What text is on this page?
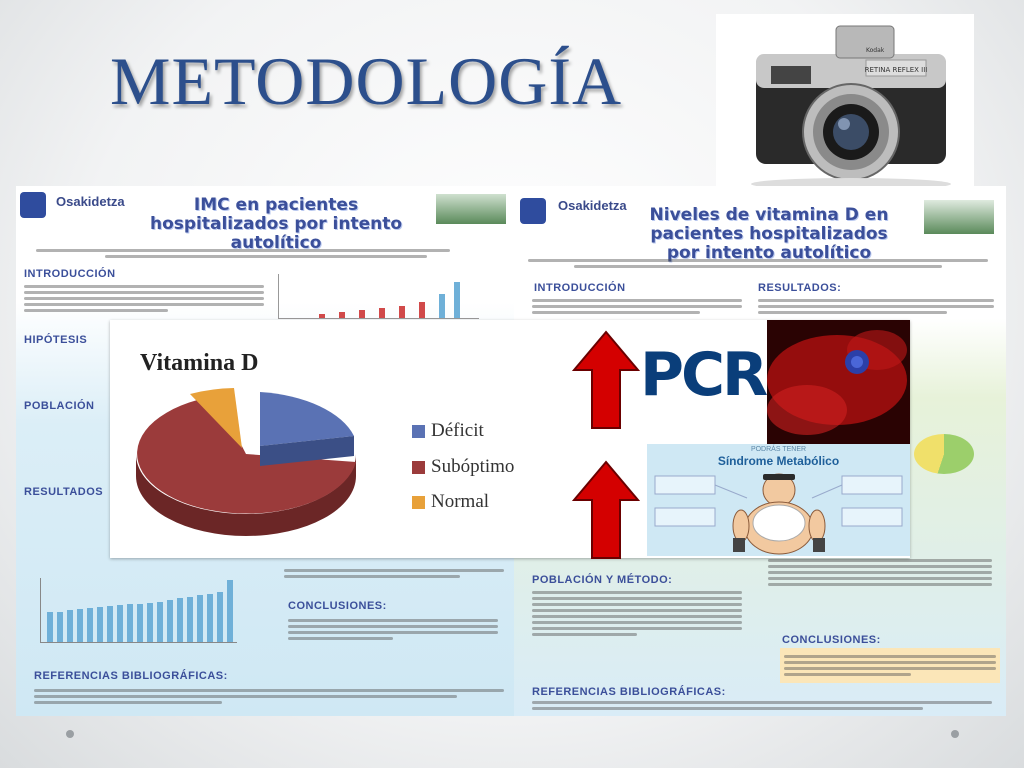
METODOLOGÍA	RETINA REFLEX III
Kodak
Osakidetza	IMC en pacientes hospitalizados por intento autolítico
INTRODUCCIÓN
HIPÓTESIS
POBLACIÓN
RESULTADOS
CONCLUSIONES:
REFERENCIAS BIBLIOGRÁFICAS:
Osakidetza	Niveles de vitamina D en pacientes hospitalizados por intento autolítico
INTRODUCCIÓN	RESULTADOS:
POBLACIÓN Y MÉTODO:
CONCLUSIONES:
REFERENCIAS BIBLIOGRÁFICAS:
Vitamina D
Déficit
Subóptimo
Normal
PCR
PODRÁS TENER
Síndrome Metabólico
